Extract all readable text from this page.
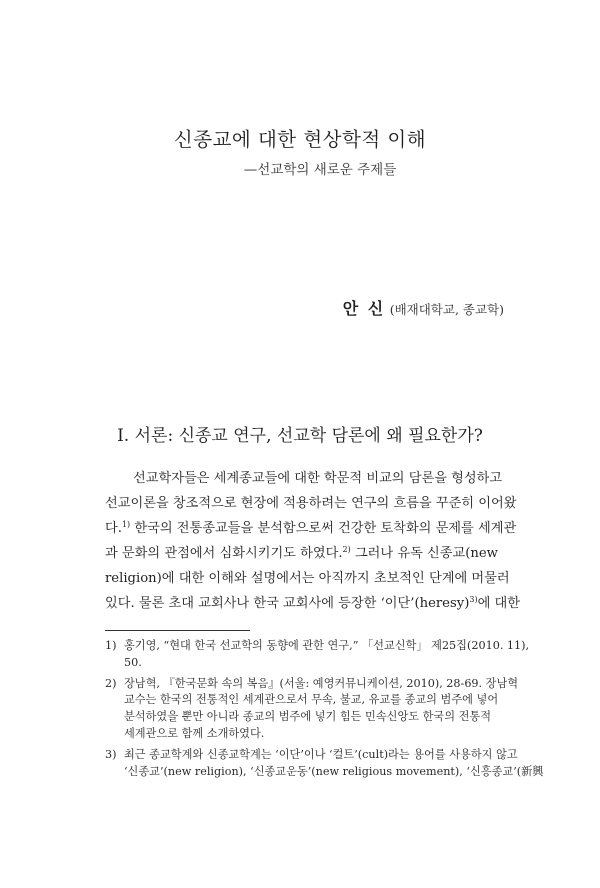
신종교에 대한 현상학적 이해
—선교학의 새로운 주제들
안 신 (배재대학교, 종교학)
I. 서론: 신종교 연구, 선교학 담론에 왜 필요한가?
선교학자들은 세계종교들에 대한 학문적 비교의 담론을 형성하고
선교이론을 창조적으로 현장에 적용하려는 연구의 흐름을 꾸준히 이어왔
다.$^{1)}$ 한국의 전통종교들을 분석함으로써 건강한 토착화의 문제를 세계관
과 문화의 관점에서 심화시키기도 하였다.$^{2)}$ 그러나 유독 신종교(new
religion)에 대한 이해와 설명에서는 아직까지 초보적인 단계에 머물러
있다. 물론 초대 교회사나 한국 교회사에 등장한 ‘이단’(heresy)$^{3)}$에 대한
1) 홍기영, “현대 한국 선교학의 동향에 관한 연구,” 「선교신학」 제25집(2010. 11),
50.
2) 장남혁, 『한국문화 속의 복음』(서울: 예영커뮤니케이션, 2010), 28-69. 장남혁
교수는 한국의 전통적인 세계관으로서 무속, 불교, 유교를 종교의 범주에 넣어
분석하였을 뿐만 아니라 종교의 범주에 넣기 힘든 민속신앙도 한국의 전통적
세계관으로 함께 소개하였다.
3) 최근 종교학계와 신종교학계는 ‘이단’이나 ‘컬트’(cult)라는 용어를 사용하지 않고
‘신종교’(new religion), ‘신종교운동’(new religious movement), ‘신흥종교’(新興
